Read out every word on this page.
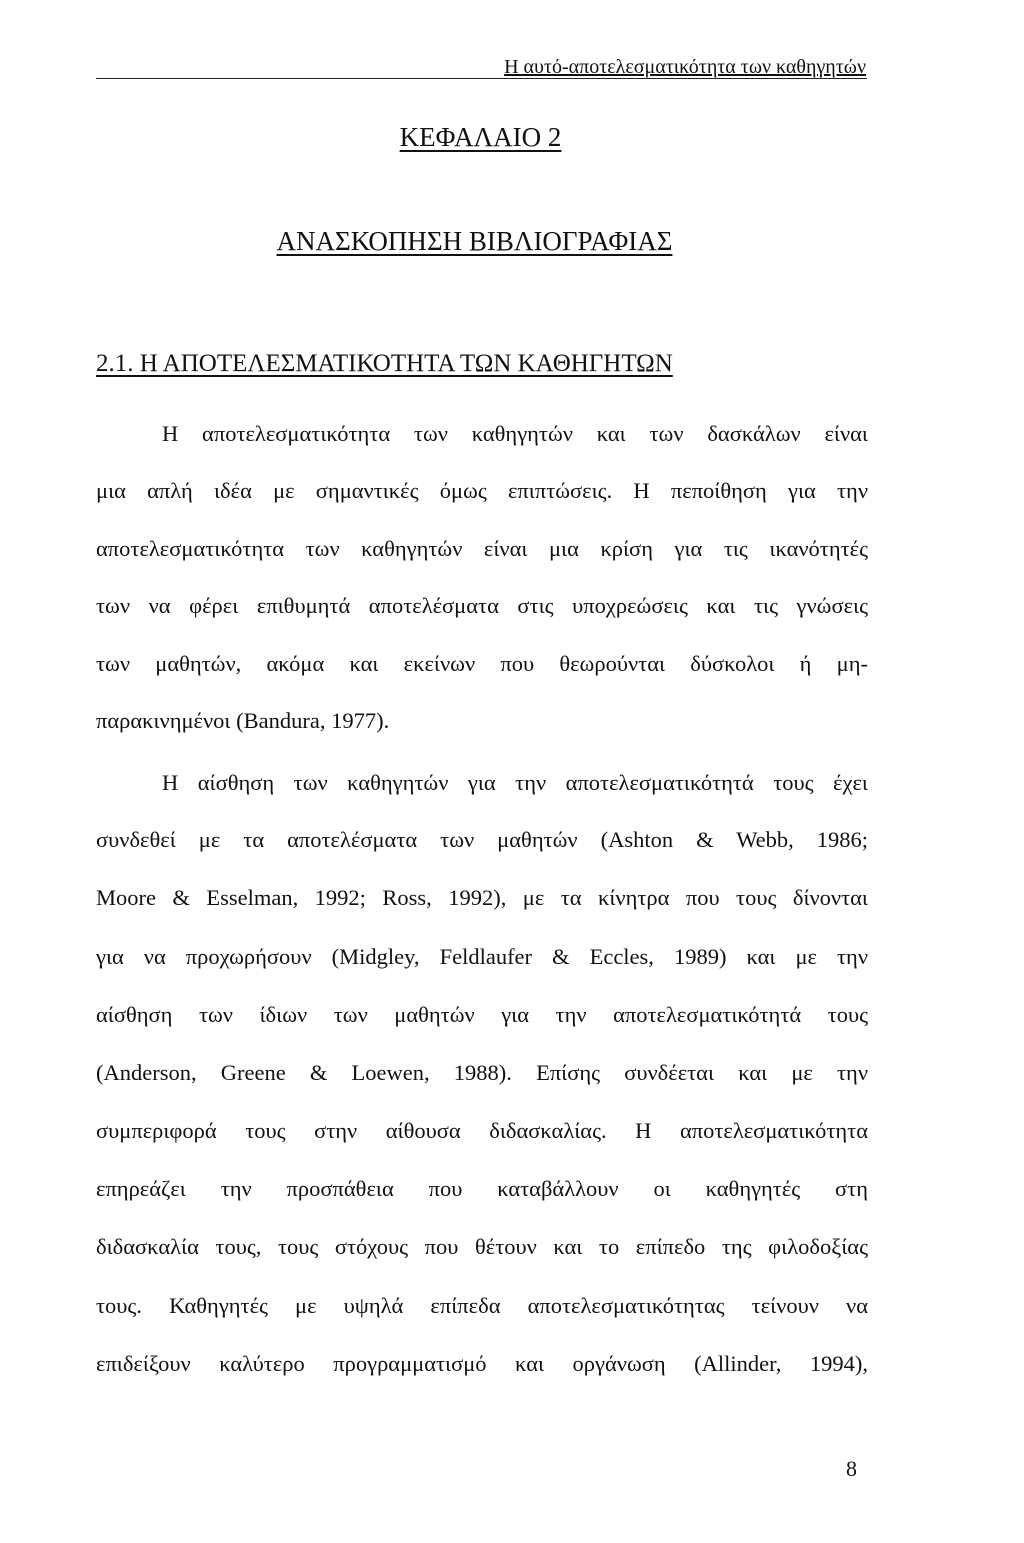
Η αυτό-αποτελεσματικότητα των καθηγητών
ΚΕΦΑΛΑΙΟ 2
ΑΝΑΣΚΟΠΗΣΗ ΒΙΒΛΙΟΓΡΑΦΙΑΣ
2.1. Η ΑΠΟΤΕΛΕΣΜΑΤΙΚΟΤΗΤΑ ΤΩΝ ΚΑΘΗΓΗΤΩΝ
Η αποτελεσματικότητα των καθηγητών και των δασκάλων είναι
μια απλή ιδέα με σημαντικές όμως επιπτώσεις. Η πεποίθηση για την
αποτελεσματικότητα των καθηγητών είναι μια κρίση για τις ικανότητές
των να φέρει επιθυμητά αποτελέσματα στις υποχρεώσεις και τις γνώσεις
των μαθητών, ακόμα και εκείνων που θεωρούνται δύσκολοι ή μη-
παρακινημένοι (Bandura, 1977).
Η αίσθηση των καθηγητών για την αποτελεσματικότητά τους έχει
συνδεθεί με τα αποτελέσματα των μαθητών (Ashton & Webb, 1986;
Moore & Esselman, 1992; Ross, 1992), με τα κίνητρα που τους δίνονται
για να προχωρήσουν (Midgley, Feldlaufer & Eccles, 1989) και με την
αίσθηση των ίδιων των μαθητών για την αποτελεσματικότητά τους
(Anderson, Greene & Loewen, 1988). Επίσης συνδέεται και με την
συμπεριφορά τους στην αίθουσα διδασκαλίας. Η αποτελεσματικότητα
επηρεάζει την προσπάθεια που καταβάλλουν οι καθηγητές στη
διδασκαλία τους, τους στόχους που θέτουν και το επίπεδο της φιλοδοξίας
τους. Καθηγητές με υψηλά επίπεδα αποτελεσματικότητας τείνουν να
επιδείξουν καλύτερο προγραμματισμό και οργάνωση (Allinder, 1994),
8
